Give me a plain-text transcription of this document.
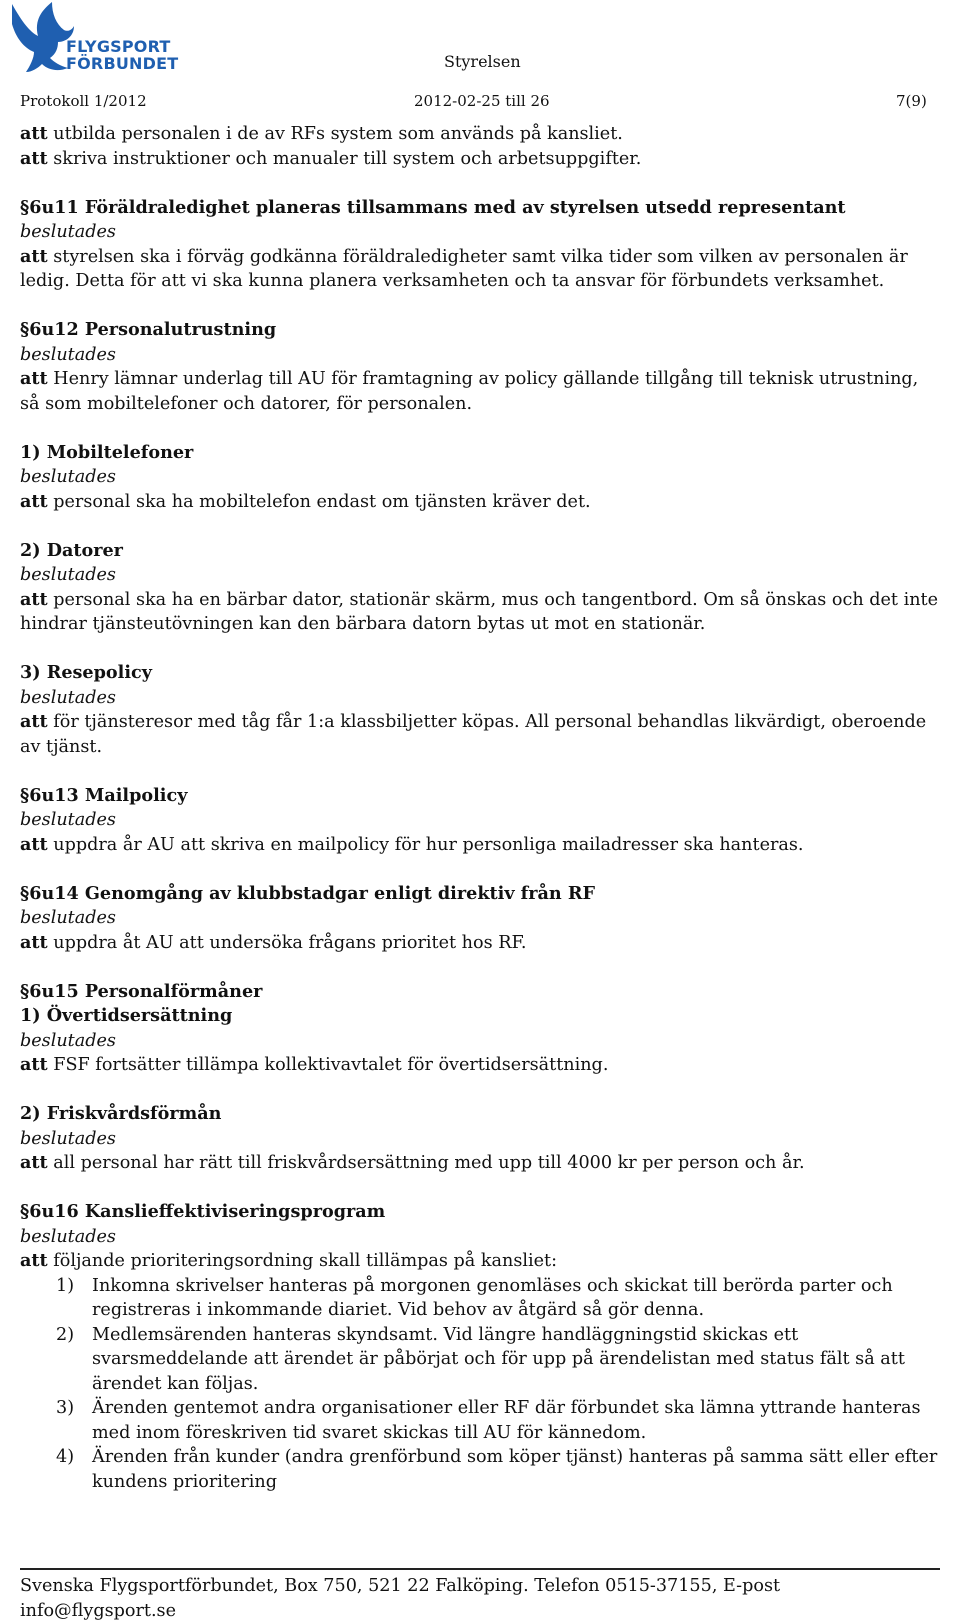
FLYGSPORT
FÖRBUNDET	Styrelsen
Protokoll 1/2012	2012-02-25 till 26	7(9)

att utbilda personalen i de av RFs system som används på kansliet.

att skriva instruktioner och manualer till system och arbetsuppgifter.

§6u11 Föräldraledighet planeras tillsammans med av styrelsen utsedd representant

beslutades

att styrelsen ska i förväg godkänna föräldraledigheter samt vilka tider som vilken av personalen är ledig. Detta för att vi ska kunna planera verksamheten och ta ansvar för förbundets verksamhet.

§6u12 Personalutrustning

beslutades

att Henry lämnar underlag till AU för framtagning av policy gällande tillgång till teknisk utrustning, så som mobiltelefoner och datorer, för personalen.

1) Mobiltelefoner

beslutades

att personal ska ha mobiltelefon endast om tjänsten kräver det.

2) Datorer

beslutades

att personal ska ha en bärbar dator, stationär skärm, mus och tangentbord. Om så önskas och det inte hindrar tjänsteutövningen kan den bärbara datorn bytas ut mot en stationär.

3) Resepolicy

beslutades

att för tjänsteresor med tåg får 1:a klassbiljetter köpas. All personal behandlas likvärdigt, oberoende av tjänst.

§6u13 Mailpolicy

beslutades

att uppdra år AU att skriva en mailpolicy för hur personliga mailadresser ska hanteras.

§6u14 Genomgång av klubbstadgar enligt direktiv från RF

beslutades

att uppdra åt AU att undersöka frågans prioritet hos RF.

§6u15 Personalförmåner

1) Övertidsersättning

beslutades

att FSF fortsätter tillämpa kollektivavtalet för övertidsersättning.

2) Friskvårdsförmån

beslutades

att all personal har rätt till friskvårdsersättning med upp till 4000 kr per person och år.

§6u16 Kanslieffektiviseringsprogram

beslutades

att följande prioriteringsordning skall tillämpas på kansliet:

1) Inkomna skrivelser hanteras på morgonen genomläses och skickat till berörda parter och registreras i inkommande diariet. Vid behov av åtgärd så gör denna.
2) Medlemsärenden hanteras skyndsamt. Vid längre handläggningstid skickas ett svarsmeddelande att ärendet är påbörjat och för upp på ärendelistan med status fält så att ärendet kan följas.
3) Ärenden gentemot andra organisationer eller RF där förbundet ska lämna yttrande hanteras med inom föreskriven tid svaret skickas till AU för kännedom.
4) Ärenden från kunder (andra grenförbund som köper tjänst) hanteras på samma sätt eller efter kundens prioritering
Svenska Flygsportförbundet, Box 750, 521 22 Falköping. Telefon 0515-37155, E-post
info@flygsport.se
